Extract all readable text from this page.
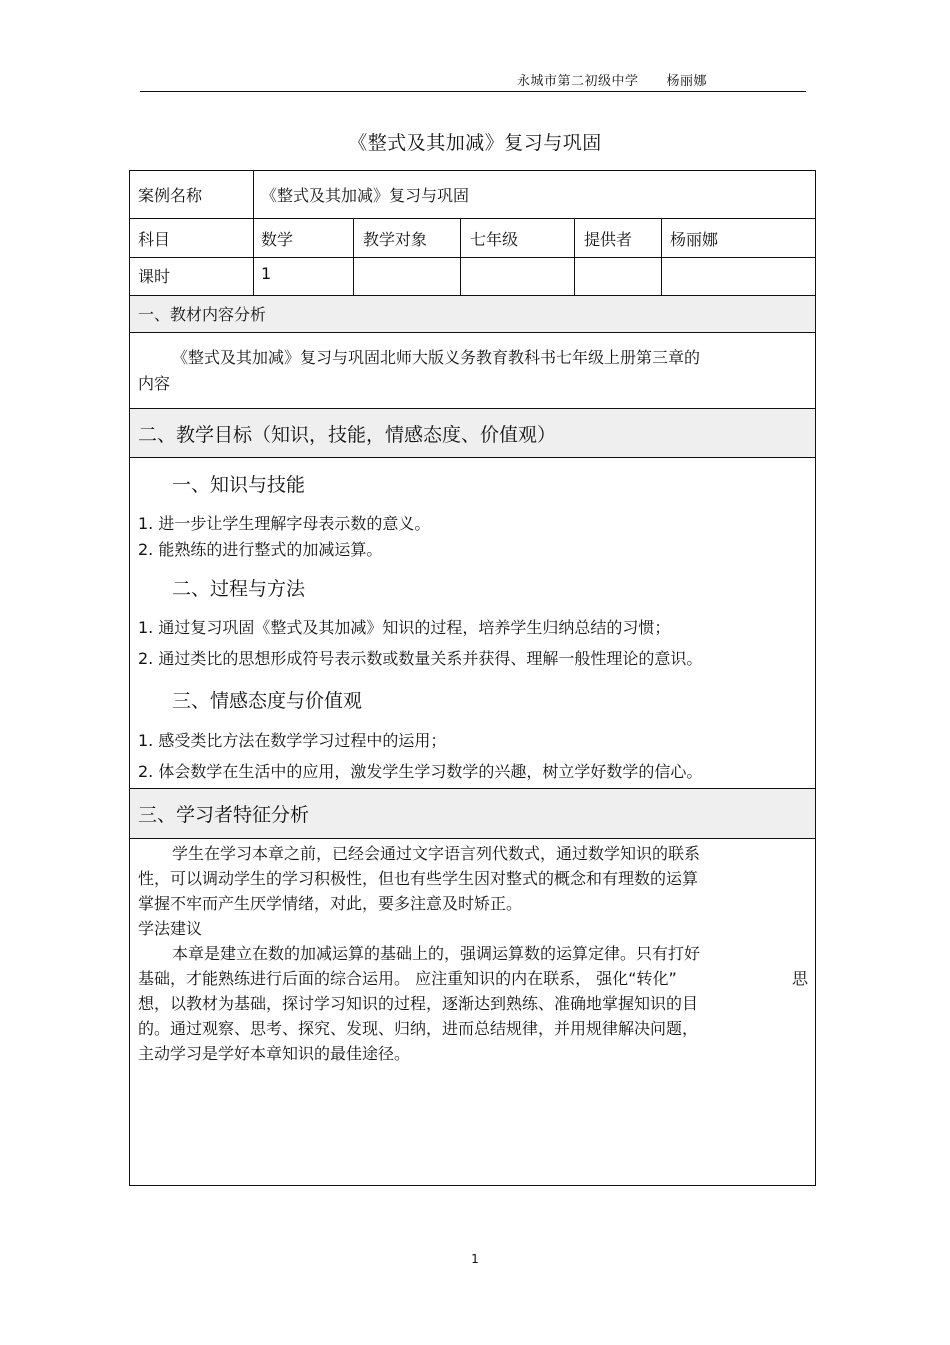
永城市第二初级中学 杨丽娜
《整式及其加减》复习与巩固
案例名称	《整式及其加减》复习与巩固
科目	数学	教学对象	七年级	提供者 杨丽娜
课时	1
一、教材内容分析
《整式及其加减》复习与巩固北师大版义务教育教科书七年级上册第三章的
内容
二、教学目标（知识，技能，情感态度、价值观）
一、知识与技能
1. 进一步让学生理解字母表示数的意义。
2. 能熟练的进行整式的加减运算。
二、过程与方法
1. 通过复习巩固《整式及其加减》知识的过程，培养学生归纳总结的习惯；
2. 通过类比的思想形成符号表示数或数量关系并获得、理解一般性理论的意识。
三、情感态度与价值观
1. 感受类比方法在数学学习过程中的运用；
2. 体会数学在生活中的应用，激发学生学习数学的兴趣，树立学好数学的信心。
三、学习者特征分析
学生在学习本章之前，已经会通过文字语言列代数式，通过数学知识的联系
性，可以调动学生的学习积极性，但也有些学生因对整式的概念和有理数的运算
掌握不牢而产生厌学情绪，对此，要多注意及时矫正。
学法建议
本章是建立在数的加减运算的基础上的，强调运算数的运算定律。只有打好
基础，才能熟练进行后面的综合运用。 应注重知识的内在联系， 强化“转化”	思
想，以教材为基础，探讨学习知识的过程，逐渐达到熟练、准确地掌握知识的目
的。通过观察、思考、探究、发现、归纳，进而总结规律，并用规律解决问题，
主动学习是学好本章知识的最佳途径。
1
